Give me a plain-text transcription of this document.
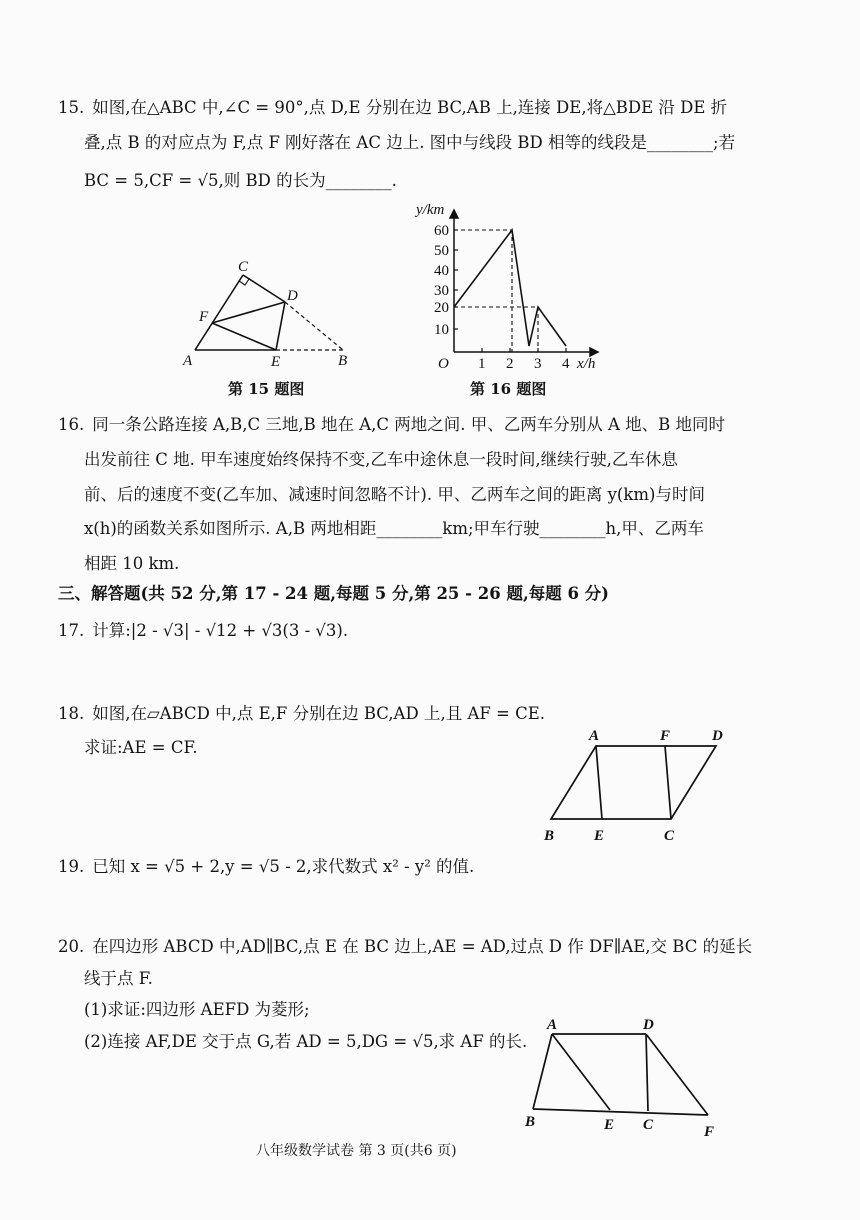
15. 如图,在△ABC 中,∠C = 90°,点 D,E 分别在边 BC,AB 上,连接 DE,将△BDE 沿 DE 折
叠,点 B 的对应点为 F,点 F 刚好落在 AC 边上. 图中与线段 BD 相等的线段是________;若
BC = 5,CF = √5,则 BD 的长为________.
A	B
C
D
E
F
第 15 题图
y/km
x/h
O
60
50
40
30
20
10
1 2 3 4
第 16 题图
16. 同一条公路连接 A,B,C 三地,B 地在 A,C 两地之间. 甲、乙两车分别从 A 地、B 地同时
出发前往 C 地. 甲车速度始终保持不变,乙车中途休息一段时间,继续行驶,乙车休息
前、后的速度不变(乙车加、减速时间忽略不计). 甲、乙两车之间的距离 y(km)与时间
x(h)的函数关系如图所示. A,B 两地相距________km;甲车行驶________h,甲、乙两车
相距 10 km.
三、解答题(共 52 分,第 17 - 24 题,每题 5 分,第 25 - 26 题,每题 6 分)
17. 计算:|2 - √3| - √12 + √3(3 - √3).
18. 如图,在▱ABCD 中,点 E,F 分别在边 BC,AD 上,且 AF = CE.
求证:AE = CF.
A	F	D
B	E	C
19. 已知 x = √5 + 2,y = √5 - 2,求代数式 x² - y² 的值.
20. 在四边形 ABCD 中,AD∥BC,点 E 在 BC 边上,AE = AD,过点 D 作 DF∥AE,交 BC 的延长
线于点 F.
(1)求证:四边形 AEFD 为菱形;
(2)连接 AF,DE 交于点 G,若 AD = 5,DG = √5,求 AF 的长.
A	D
B	E C	F
八年级数学试卷 第 3 页(共6 页)
